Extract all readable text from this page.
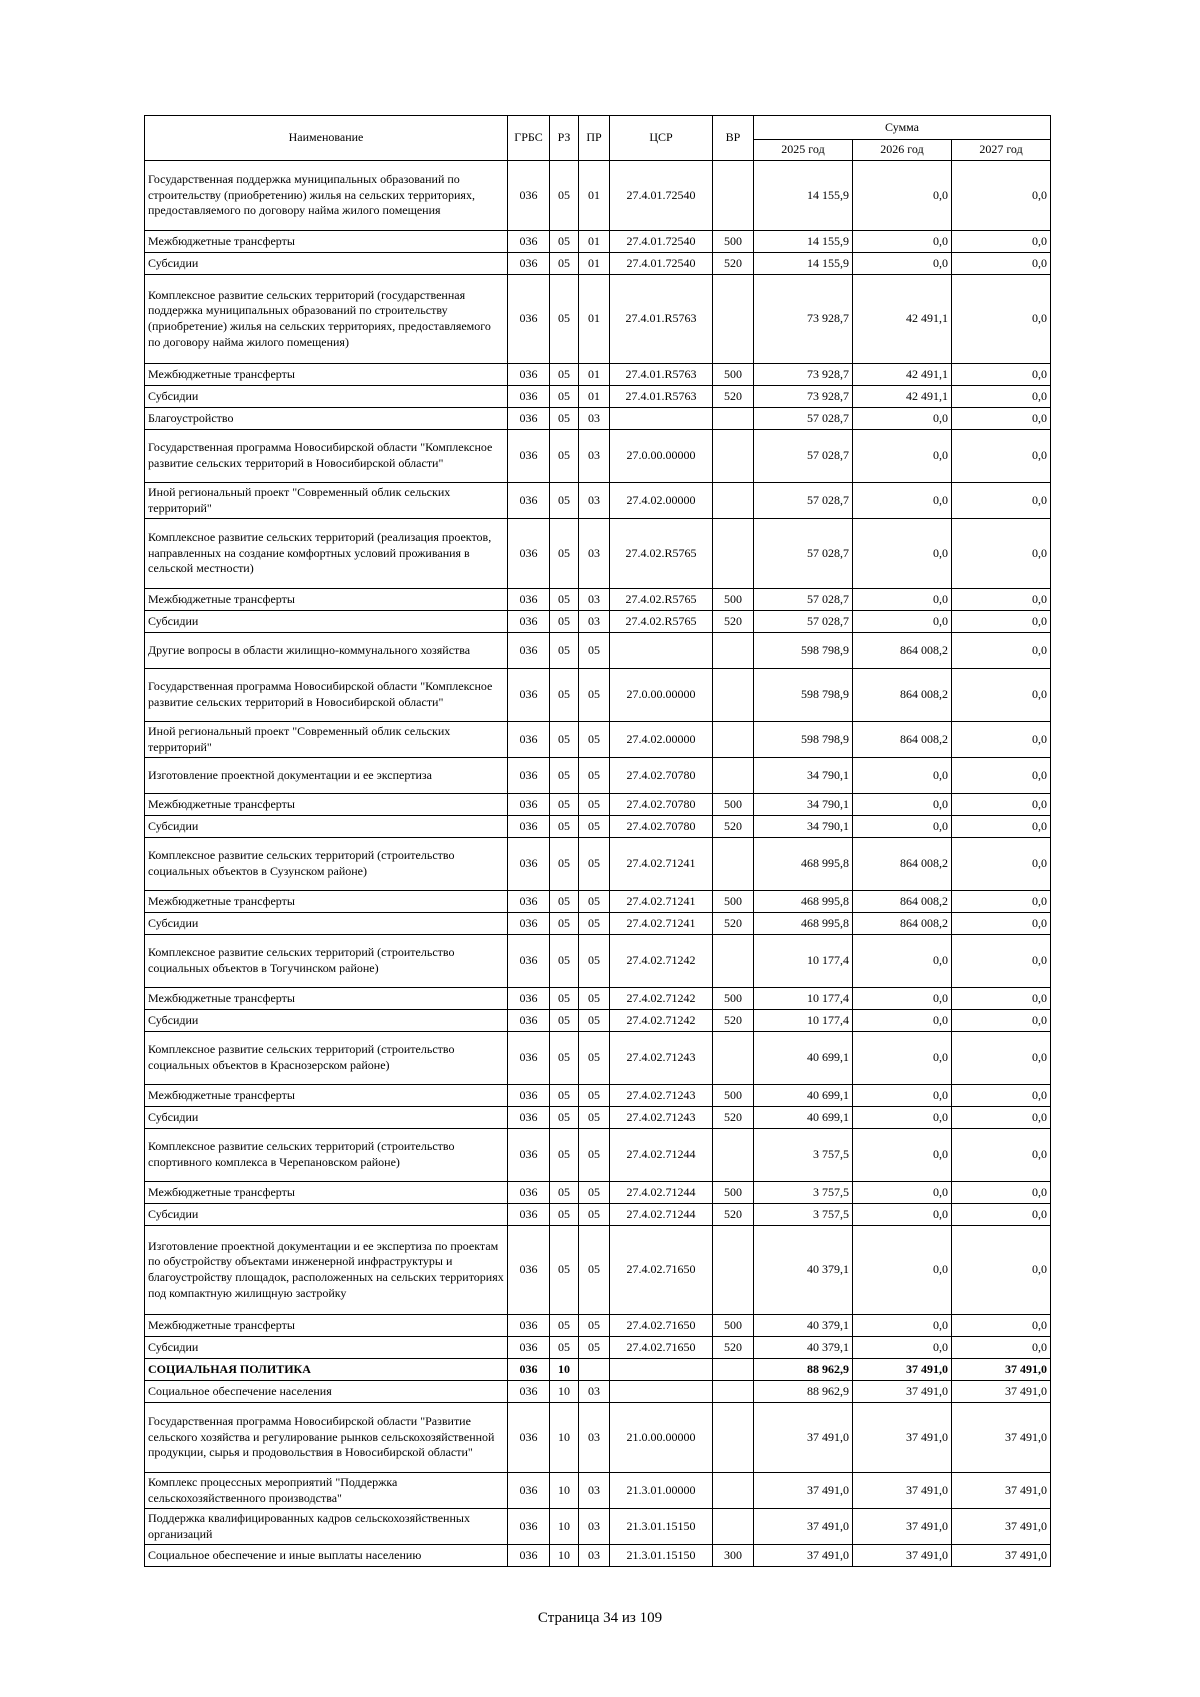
Наименование	ГРБС	РЗ	ПР	ЦСР	ВР	Сумма		
						2025 год	2026 год	2027 год
Государственная поддержка муниципальных образований по строительству (приобретению) жилья на сельских территориях, предоставляемого по договору найма жилого помещения	036	05	01	27.4.01.72540		14 155,9	0,0	0,0
Межбюджетные трансферты	036	05	01	27.4.01.72540	500	14 155,9	0,0	0,0
Субсидии	036	05	01	27.4.01.72540	520	14 155,9	0,0	0,0
Комплексное развитие сельских территорий (государственная поддержка муниципальных образований по строительству (приобретение) жилья на сельских территориях, предоставляемого по договору найма жилого помещения)	036	05	01	27.4.01.R5763		73 928,7	42 491,1	0,0
Межбюджетные трансферты	036	05	01	27.4.01.R5763	500	73 928,7	42 491,1	0,0
Субсидии	036	05	01	27.4.01.R5763	520	73 928,7	42 491,1	0,0
Благоустройство	036	05	03			57 028,7	0,0	0,0
Государственная программа Новосибирской области "Комплексное развитие сельских территорий в Новосибирской области"	036	05	03	27.0.00.00000		57 028,7	0,0	0,0
Иной региональный проект "Современный облик сельских территорий"	036	05	03	27.4.02.00000		57 028,7	0,0	0,0
Комплексное развитие сельских территорий (реализация проектов, направленных на создание комфортных условий проживания в сельской местности)	036	05	03	27.4.02.R5765		57 028,7	0,0	0,0
Межбюджетные трансферты	036	05	03	27.4.02.R5765	500	57 028,7	0,0	0,0
Субсидии	036	05	03	27.4.02.R5765	520	57 028,7	0,0	0,0
Другие вопросы в области жилищно-коммунального хозяйства	036	05	05			598 798,9	864 008,2	0,0
Государственная программа Новосибирской области "Комплексное развитие сельских территорий в Новосибирской области"	036	05	05	27.0.00.00000		598 798,9	864 008,2	0,0
Иной региональный проект "Современный облик сельских территорий"	036	05	05	27.4.02.00000		598 798,9	864 008,2	0,0
Изготовление проектной документации и ее экспертиза	036	05	05	27.4.02.70780		34 790,1	0,0	0,0
Межбюджетные трансферты	036	05	05	27.4.02.70780	500	34 790,1	0,0	0,0
Субсидии	036	05	05	27.4.02.70780	520	34 790,1	0,0	0,0
Комплексное развитие сельских территорий (строительство социальных объектов в Сузунском районе)	036	05	05	27.4.02.71241		468 995,8	864 008,2	0,0
Межбюджетные трансферты	036	05	05	27.4.02.71241	500	468 995,8	864 008,2	0,0
Субсидии	036	05	05	27.4.02.71241	520	468 995,8	864 008,2	0,0
Комплексное развитие сельских территорий (строительство социальных объектов в Тогучинском районе)	036	05	05	27.4.02.71242		10 177,4	0,0	0,0
Межбюджетные трансферты	036	05	05	27.4.02.71242	500	10 177,4	0,0	0,0
Субсидии	036	05	05	27.4.02.71242	520	10 177,4	0,0	0,0
Комплексное развитие сельских территорий (строительство социальных объектов в Краснозерском районе)	036	05	05	27.4.02.71243		40 699,1	0,0	0,0
Межбюджетные трансферты	036	05	05	27.4.02.71243	500	40 699,1	0,0	0,0
Субсидии	036	05	05	27.4.02.71243	520	40 699,1	0,0	0,0
Комплексное развитие сельских территорий (строительство спортивного комплекса в Черепановском районе)	036	05	05	27.4.02.71244		3 757,5	0,0	0,0
Межбюджетные трансферты	036	05	05	27.4.02.71244	500	3 757,5	0,0	0,0
Субсидии	036	05	05	27.4.02.71244	520	3 757,5	0,0	0,0
Изготовление проектной документации и ее экспертиза по проектам по обустройству объектами инженерной инфраструктуры и благоустройству площадок, расположенных на сельских территориях под компактную жилищную застройку	036	05	05	27.4.02.71650		40 379,1	0,0	0,0
Межбюджетные трансферты	036	05	05	27.4.02.71650	500	40 379,1	0,0	0,0
Субсидии	036	05	05	27.4.02.71650	520	40 379,1	0,0	0,0
СОЦИАЛЬНАЯ ПОЛИТИКА	036	10				88 962,9	37 491,0	37 491,0
Социальное обеспечение населения	036	10	03			88 962,9	37 491,0	37 491,0
Государственная программа Новосибирской области "Развитие сельского хозяйства и регулирование рынков сельскохозяйственной продукции, сырья и продовольствия в Новосибирской области"	036	10	03	21.0.00.00000		37 491,0	37 491,0	37 491,0
Комплекс процессных мероприятий "Поддержка сельскохозяйственного производства"	036	10	03	21.3.01.00000		37 491,0	37 491,0	37 491,0
Поддержка квалифицированных кадров сельскохозяйственных организаций	036	10	03	21.3.01.15150		37 491,0	37 491,0	37 491,0
Социальное обеспечение и иные выплаты населению	036	10	03	21.3.01.15150	300	37 491,0	37 491,0	37 491,0
Страница 34 из 109
